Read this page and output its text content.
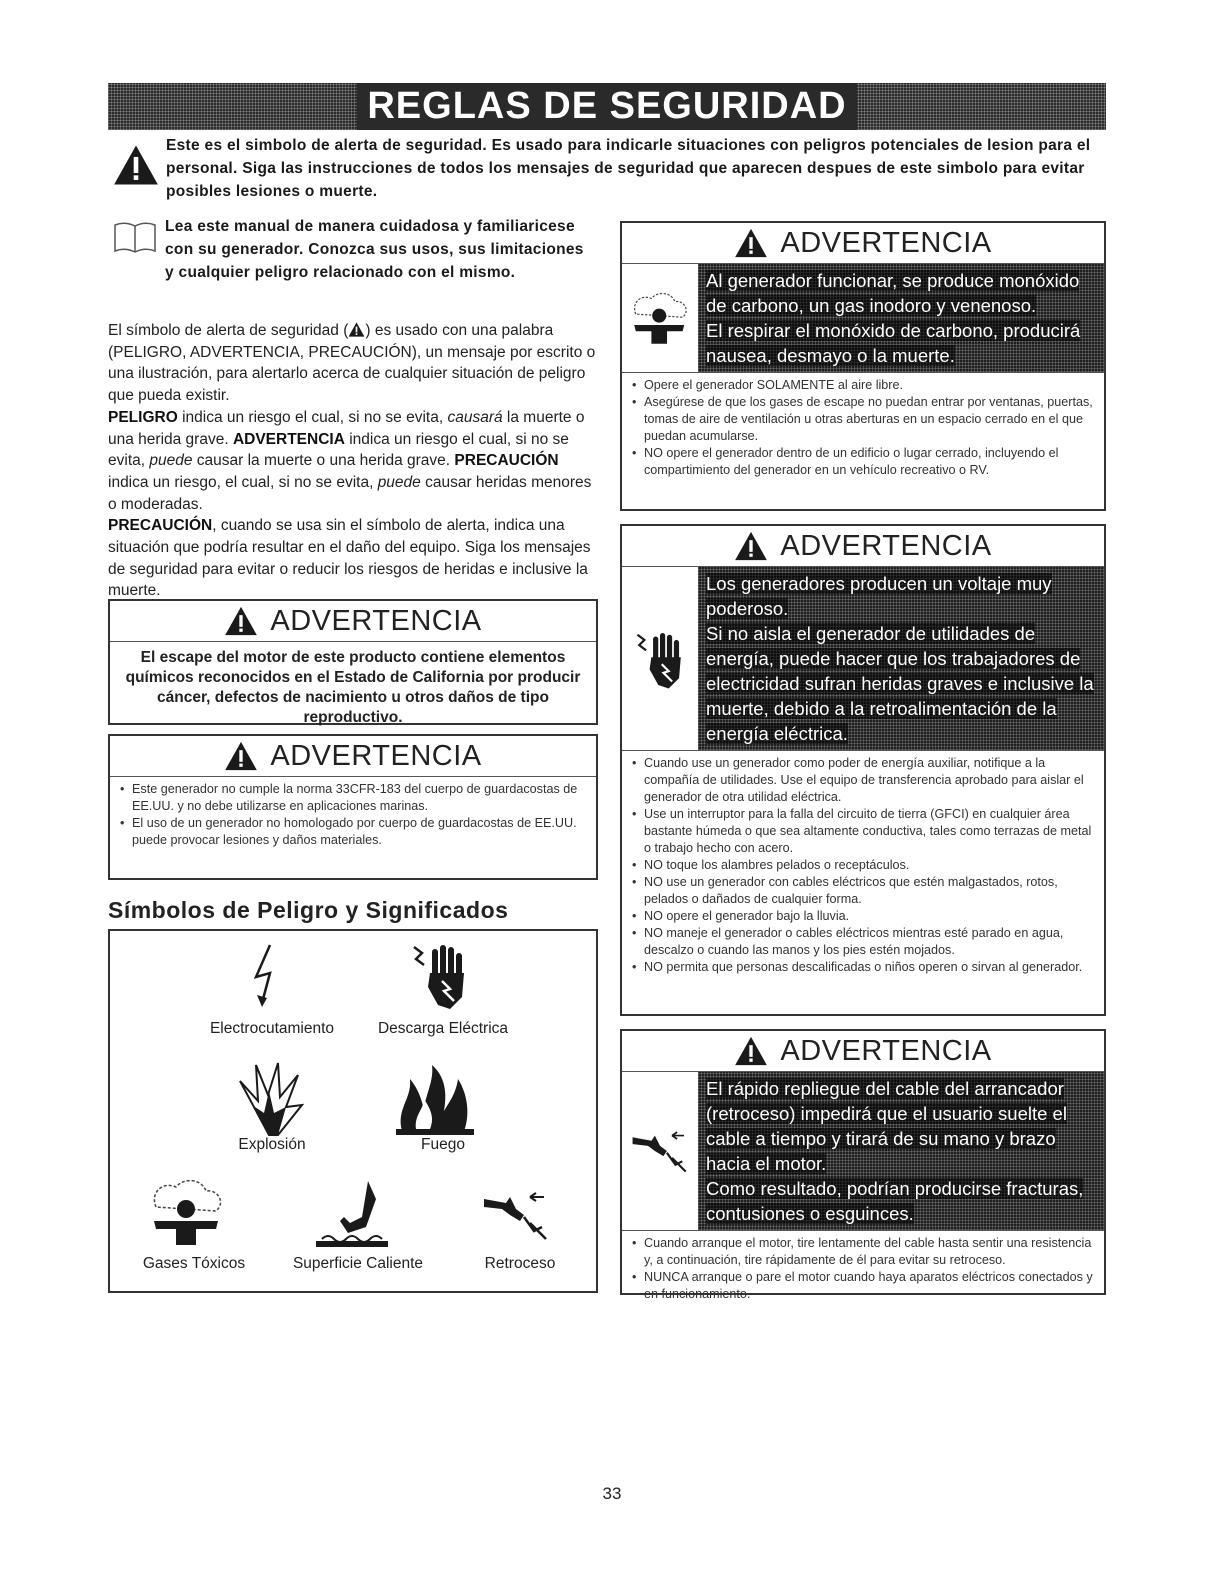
REGLAS DE SEGURIDAD
Este es el simbolo de alerta de seguridad. Es usado para indicarle situaciones con peligros potenciales de lesion para el personal. Siga las instrucciones de todos los mensajes de seguridad que aparecen despues de este simbolo para evitar posibles lesiones o muerte.
Lea este manual de manera cuidadosa y familiaricese con su generador. Conozca sus usos, sus limitaciones y cualquier peligro relacionado con el mismo.
El símbolo de alerta de seguridad ( ) es usado con una palabra (PELIGRO, ADVERTENCIA, PRECAUCIÓN), un mensaje por escrito o una ilustración, para alertarlo acerca de cualquier situación de peligro que pueda existir.
PELIGRO indica un riesgo el cual, si no se evita, causará la muerte o una herida grave. ADVERTENCIA indica un riesgo el cual, si no se evita, puede causar la muerte o una herida grave. PRECAUCIÓN indica un riesgo, el cual, si no se evita, puede causar heridas menores o moderadas.
PRECAUCIÓN, cuando se usa sin el símbolo de alerta, indica una situación que podría resultar en el daño del equipo. Siga los mensajes de seguridad para evitar o reducir los riesgos de heridas e inclusive la muerte.
ADVERTENCIA
El escape del motor de este producto contiene elementos químicos reconocidos en el Estado de California por producir cáncer, defectos de nacimiento u otros daños de tipo reproductivo.
ADVERTENCIA
• Este generador no cumple la norma 33CFR-183 del cuerpo de guardacostas de EE.UU. y no debe utilizarse en aplicaciones marinas.
• El uso de un generador no homologado por cuerpo de guardacostas de EE.UU. puede provocar lesiones y daños materiales.
Símbolos de Peligro y Significados
Electrocutamiento	Descarga Eléctrica
Explosión	Fuego
Gases Tóxicos	Superficie Caliente	Retroceso
ADVERTENCIA

Al generador funcionar, se produce monóxido de carbono, un gas inodoro y venenoso.

El respirar el monóxido de carbono, producirá nausea, desmayo o la muerte.

• Opere el generador SOLAMENTE al aire libre.
• Asegúrese de que los gases de escape no puedan entrar por ventanas, puertas, tomas de aire de ventilación u otras aberturas en un espacio cerrado en el que puedan acumularse.
• NO opere el generador dentro de un edificio o lugar cerrado, incluyendo el compartimiento del generador en un vehículo recreativo o RV.
ADVERTENCIA

Los generadores producen un voltaje muy poderoso.

Si no aisla el generador de utilidades de energía, puede hacer que los trabajadores de electricidad sufran heridas graves e inclusive la muerte, debido a la retroalimentación de la energía eléctrica.

• Cuando use un generador como poder de energía auxiliar, notifique a la compañía de utilidades. Use el equipo de transferencia aprobado para aislar el generador de otra utilidad eléctrica.
• Use un interruptor para la falla del circuito de tierra (GFCI) en cualquier área bastante húmeda o que sea altamente conductiva, tales como terrazas de metal o trabajo hecho con acero.
• NO toque los alambres pelados o receptáculos.
• NO use un generador con cables eléctricos que estén malgastados, rotos, pelados o dañados de cualquier forma.
• NO opere el generador bajo la lluvia.
• NO maneje el generador o cables eléctricos mientras esté parado en agua, descalzo o cuando las manos y los pies estén mojados.
• NO permita que personas descalificadas o niños operen o sirvan al generador.
ADVERTENCIA

El rápido repliegue del cable del arrancador (retroceso) impedirá que el usuario suelte el cable a tiempo y tirará de su mano y brazo hacia el motor.

Como resultado, podrían producirse fracturas, contusiones o esguinces.

• Cuando arranque el motor, tire lentamente del cable hasta sentir una resistencia y, a continuación, tire rápidamente de él para evitar su retroceso.
• NUNCA arranque o pare el motor cuando haya aparatos eléctricos conectados y en funcionamiento.
33
